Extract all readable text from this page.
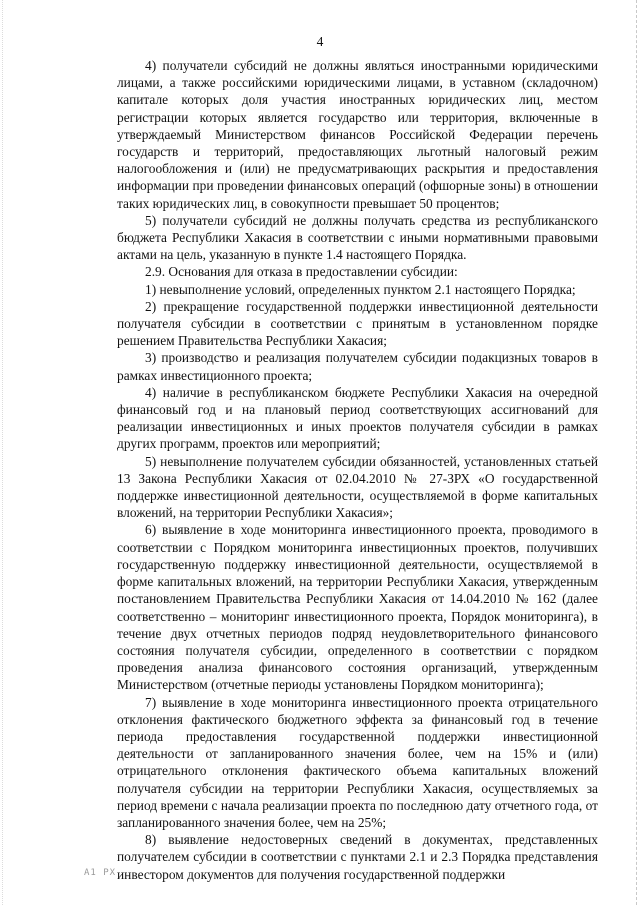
4

4) получатели субсидий не должны являться иностранными юридическими лицами, а также российскими юридическими лицами, в уставном (складочном) капитале которых доля участия иностранных юридических лиц, местом регистрации которых является государство или территория, включенные в утверждаемый Министерством финансов Российской Федерации перечень государств и территорий, предоставляющих льготный налоговый режим налогообложения и (или) не предусматривающих раскрытия и предоставления информации при проведении финансовых операций (офшорные зоны) в отношении таких юридических лиц, в совокупности превышает 50 процентов;

5) получатели субсидий не должны получать средства из республиканского бюджета Республики Хакасия в соответствии с иными нормативными правовыми актами на цель, указанную в пункте 1.4 настоящего Порядка.

2.9. Основания для отказа в предоставлении субсидии:

1) невыполнение условий, определенных пунктом 2.1 настоящего Порядка;

2) прекращение государственной поддержки инвестиционной деятельности получателя субсидии в соответствии с принятым в установленном порядке решением Правительства Республики Хакасия;

3) производство и реализация получателем субсидии подакцизных товаров в рамках инвестиционного проекта;

4) наличие в республиканском бюджете Республики Хакасия на очередной финансовый год и на плановый период соответствующих ассигнований для реализации инвестиционных и иных проектов получателя субсидии в рамках других программ, проектов или мероприятий;

5) невыполнение получателем субсидии обязанностей, установленных статьей 13 Закона Республики Хакасия от 02.04.2010 № 27-ЗРХ «О государственной поддержке инвестиционной деятельности, осуществляемой в форме капитальных вложений, на территории Республики Хакасия»;

6) выявление в ходе мониторинга инвестиционного проекта, проводимого в соответствии с Порядком мониторинга инвестиционных проектов, получивших государственную поддержку инвестиционной деятельности, осуществляемой в форме капитальных вложений, на территории Республики Хакасия, утвержденным постановлением Правительства Республики Хакасия от 14.04.2010 № 162 (далее соответственно – мониторинг инвестиционного проекта, Порядок мониторинга), в течение двух отчетных периодов подряд неудовлетворительного финансового состояния получателя субсидии, определенного в соответствии с порядком проведения анализа финансового состояния организаций, утвержденным Министерством (отчетные периоды установлены Порядком мониторинга);

7) выявление в ходе мониторинга инвестиционного проекта отрицательного отклонения фактического бюджетного эффекта за финансовый год в течение периода предоставления государственной поддержки инвестиционной деятельности от запланированного значения более, чем на 15% и (или) отрицательного отклонения фактического объема капитальных вложений получателя субсидии на территории Республики Хакасия, осуществляемых за период времени с начала реализации проекта по последнюю дату отчетного года, от запланированного значения более, чем на 25%;

8) выявление недостоверных сведений в документах, представленных получателем субсидии в соответствии с пунктами 2.1 и 2.3 Порядка представления инвестором документов для получения государственной поддержки

А1 РХ
